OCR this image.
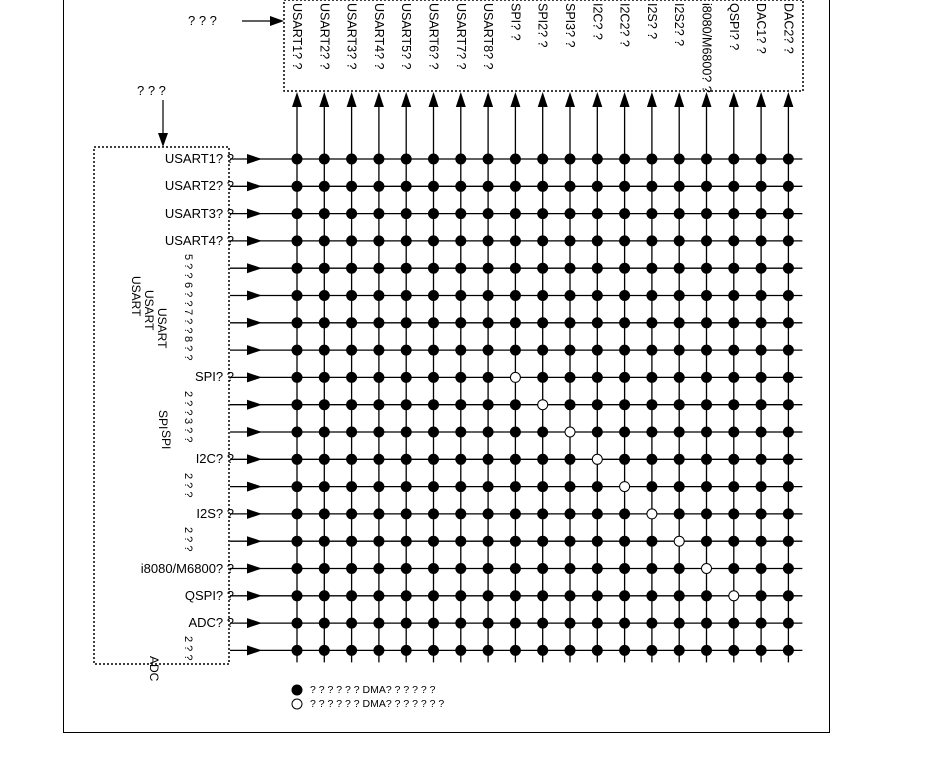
? ? ?
? ? ?
USART1? ? USART2? ? USART3? ? USART4? ? USART5? ? USART6? ? USART7? ? USART8? ? SPI? ? SPI2? ? SPI3? ? I2C? ? I2C2? ? I2S? ? I2S2? ? i8080/M6800? ? QSPI? ? DAC1? ? DAC2? ?
USART1? ?
USART2? ?
USART3? ?
USART4? ?
SPI? ?
I2C? ?
I2S? ?
i8080/M6800? ?
QSPI? ?
ADC? ?
USART USART USART
SPI
SPI
ADC
5 ? ?
6 ? ?
7 ? ?
8 ? ?
2 ? ?
3 ? ?
2 ? ?
2 ? ?
2 ? ?
? ? ? ? ? ? DMA? ? ? ? ? ?
? ? ? ? ? ? DMA? ? ? ? ? ? ?
